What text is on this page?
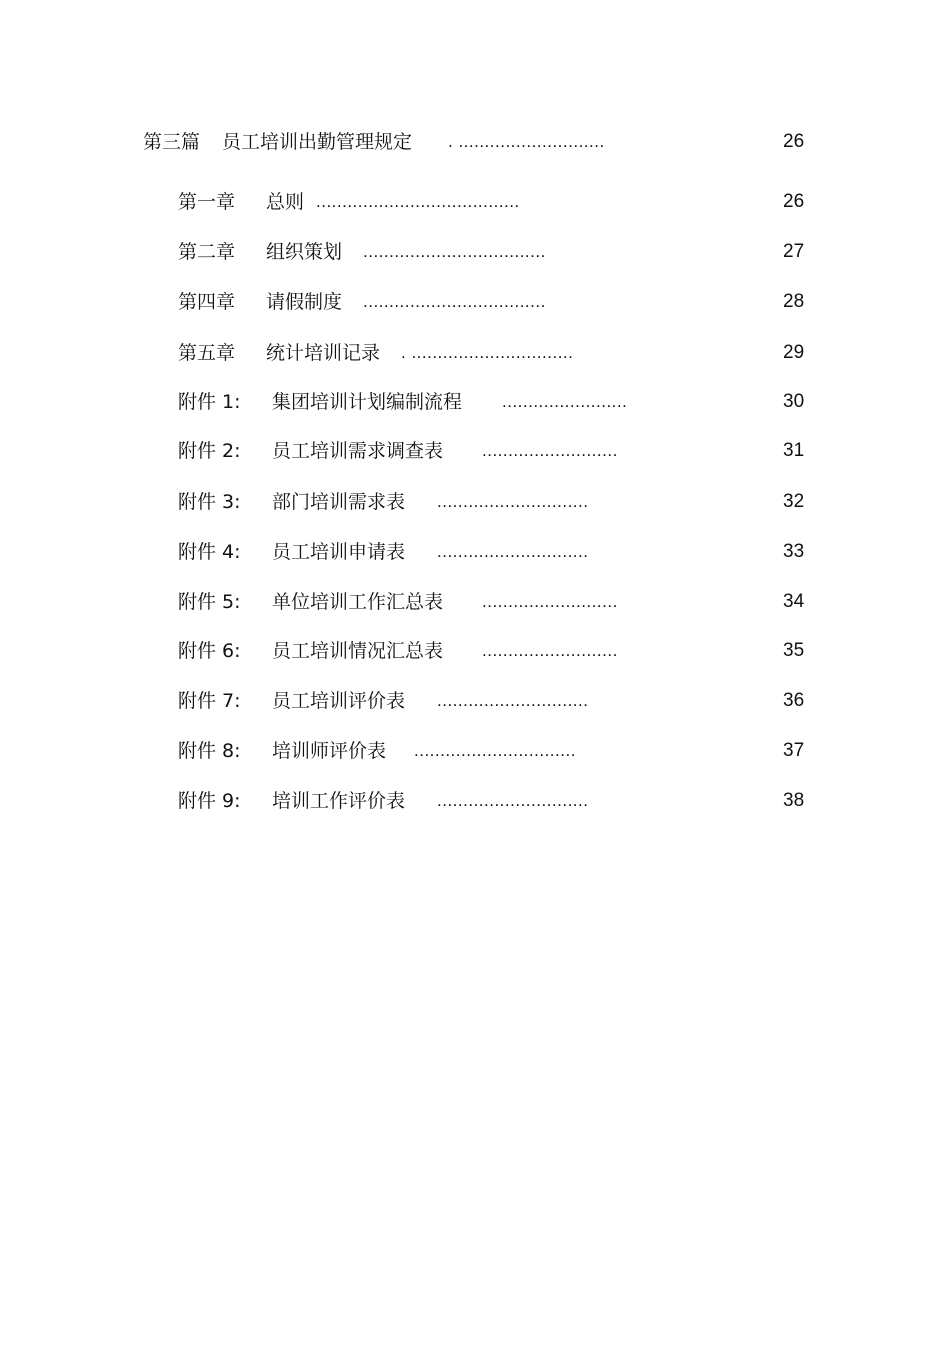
第三篇 员工培训出勤管理规定 . ............................	26
第一章 总则 .......................................	26
第二章 组织策划 ...................................	27
第四章 请假制度 ...................................	28
第五章 统计培训记录 . ...............................	29
附件 1: 集团培训计划编制流程 ........................	30
附件 2: 员工培训需求调查表 ..........................	31
附件 3: 部门培训需求表 .............................	32
附件 4: 员工培训申请表 .............................	33
附件 5: 单位培训工作汇总表 ..........................	34
附件 6: 员工培训情况汇总表 ..........................	35
附件 7: 员工培训评价表 .............................	36
附件 8: 培训师评价表 ...............................	37
附件 9: 培训工作评价表 .............................	38
